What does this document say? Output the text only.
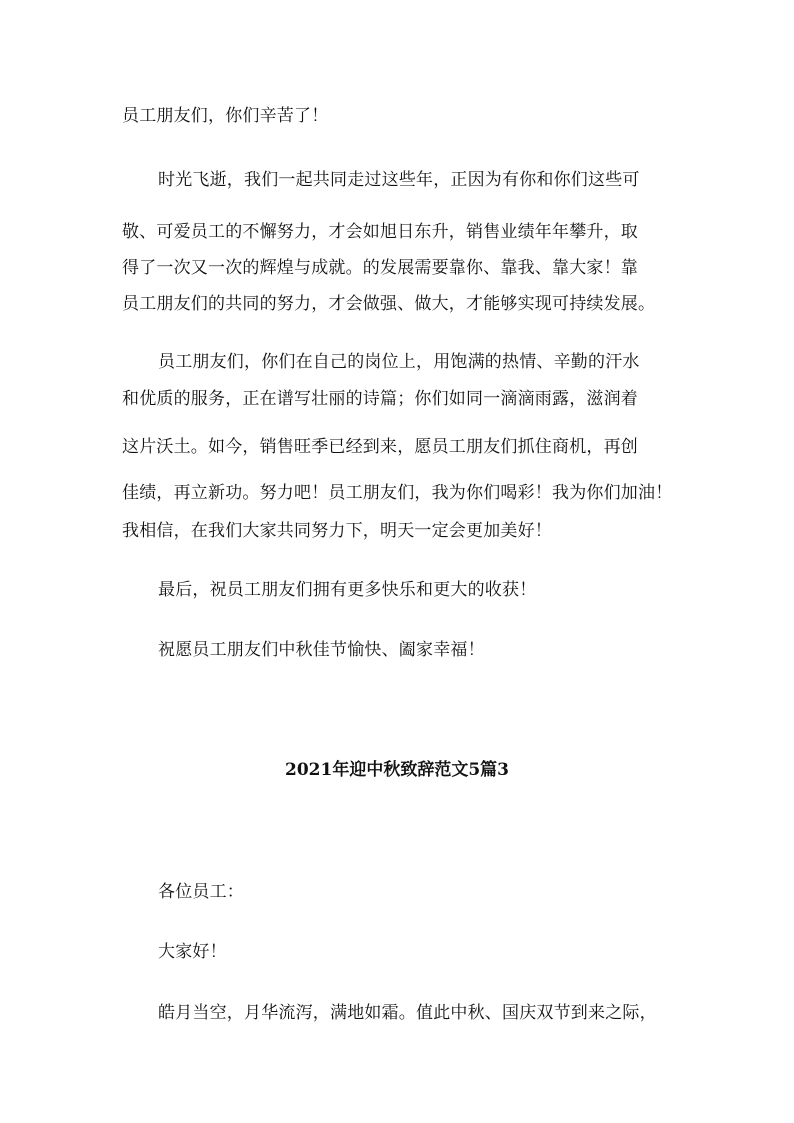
员工朋友们，你们辛苦了！
时光飞逝，我们一起共同走过这些年，正因为有你和你们这些可
敬、可爱员工的不懈努力，才会如旭日东升，销售业绩年年攀升，取
得了一次又一次的辉煌与成就。的发展需要靠你、靠我、靠大家！靠
员工朋友们的共同的努力，才会做强、做大，才能够实现可持续发展。
员工朋友们，你们在自己的岗位上，用饱满的热情、辛勤的汗水
和优质的服务，正在谱写壮丽的诗篇；你们如同一滴滴雨露，滋润着
这片沃土。如今，销售旺季已经到来，愿员工朋友们抓住商机，再创
佳绩，再立新功。努力吧！员工朋友们，我为你们喝彩！我为你们加油！
我相信，在我们大家共同努力下，明天一定会更加美好！
最后，祝员工朋友们拥有更多快乐和更大的收获！
祝愿员工朋友们中秋佳节愉快、阖家幸福！
2021年迎中秋致辞范文5篇3
各位员工：
大家好！
皓月当空，月华流泻，满地如霜。值此中秋、国庆双节到来之际，
